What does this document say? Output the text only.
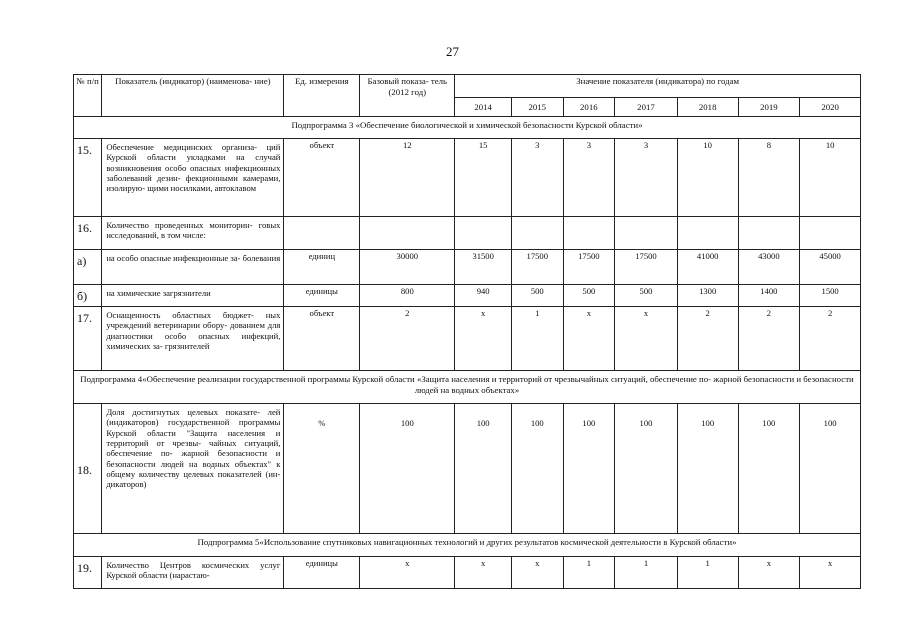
27
№ п/п	Показатель (индикатор) (наименова- ние)	Ед. измерения	Базовый показа- тель (2012 год)	Значение показателя (индикатора) по годам						
				2014	2015	2016	2017	2018	2019	2020
Подпрограмма 3 «Обеспечение биологической и химической безопасности Курской области»										
15.	Обеспечение медицинских организа- ций Курской области укладками на случай возникновения особо опасных инфекционных заболеваний дезин- фекционными камерами, изолирую- щими носилками, автоклавом	объект	12	15	3	3	3	10	8	10
16.	Количество проведенных мониторин- говых исследований, в том числе:									
а)	на особо опасные инфекционные за- болевания	единиц	30000	31500	17500	17500	17500	41000	43000	45000
б)	на химические загрязнители	единицы	800	940	500	500	500	1300	1400	1500
17.	Оснащенность областных бюджет- ных учреждений ветеринарии обору- дованием для диагностики особо опасных инфекций, химических за- грязнителей	объект	2	х	1	х	х	2	2	2
Подпрограмма 4«Обеспечение реализации государственной программы Курской области «Защита населения и территорий от чрезвычайных ситуаций, обеспечение по- жарной безопасности и безопасности людей на водных объектах»										
18.	Доля достигнутых целевых показате- лей (индикаторов) государственной программы Курской области "Защита населения и территорий от чрезвы- чайных ситуаций, обеспечение по- жарной безопасности и безопасности людей на водных объектах" к общему количеству целевых показателей (ин- дикаторов)	%	100	100	100	100	100	100	100	100
Подпрограмма 5«Использование спутниковых навигационных технологий и других результатов космической деятельности в Курской области»										
19.	Количество Центров космических услуг Курской области (нарастаю-	единицы	х	х	х	1	1	1	х	х
